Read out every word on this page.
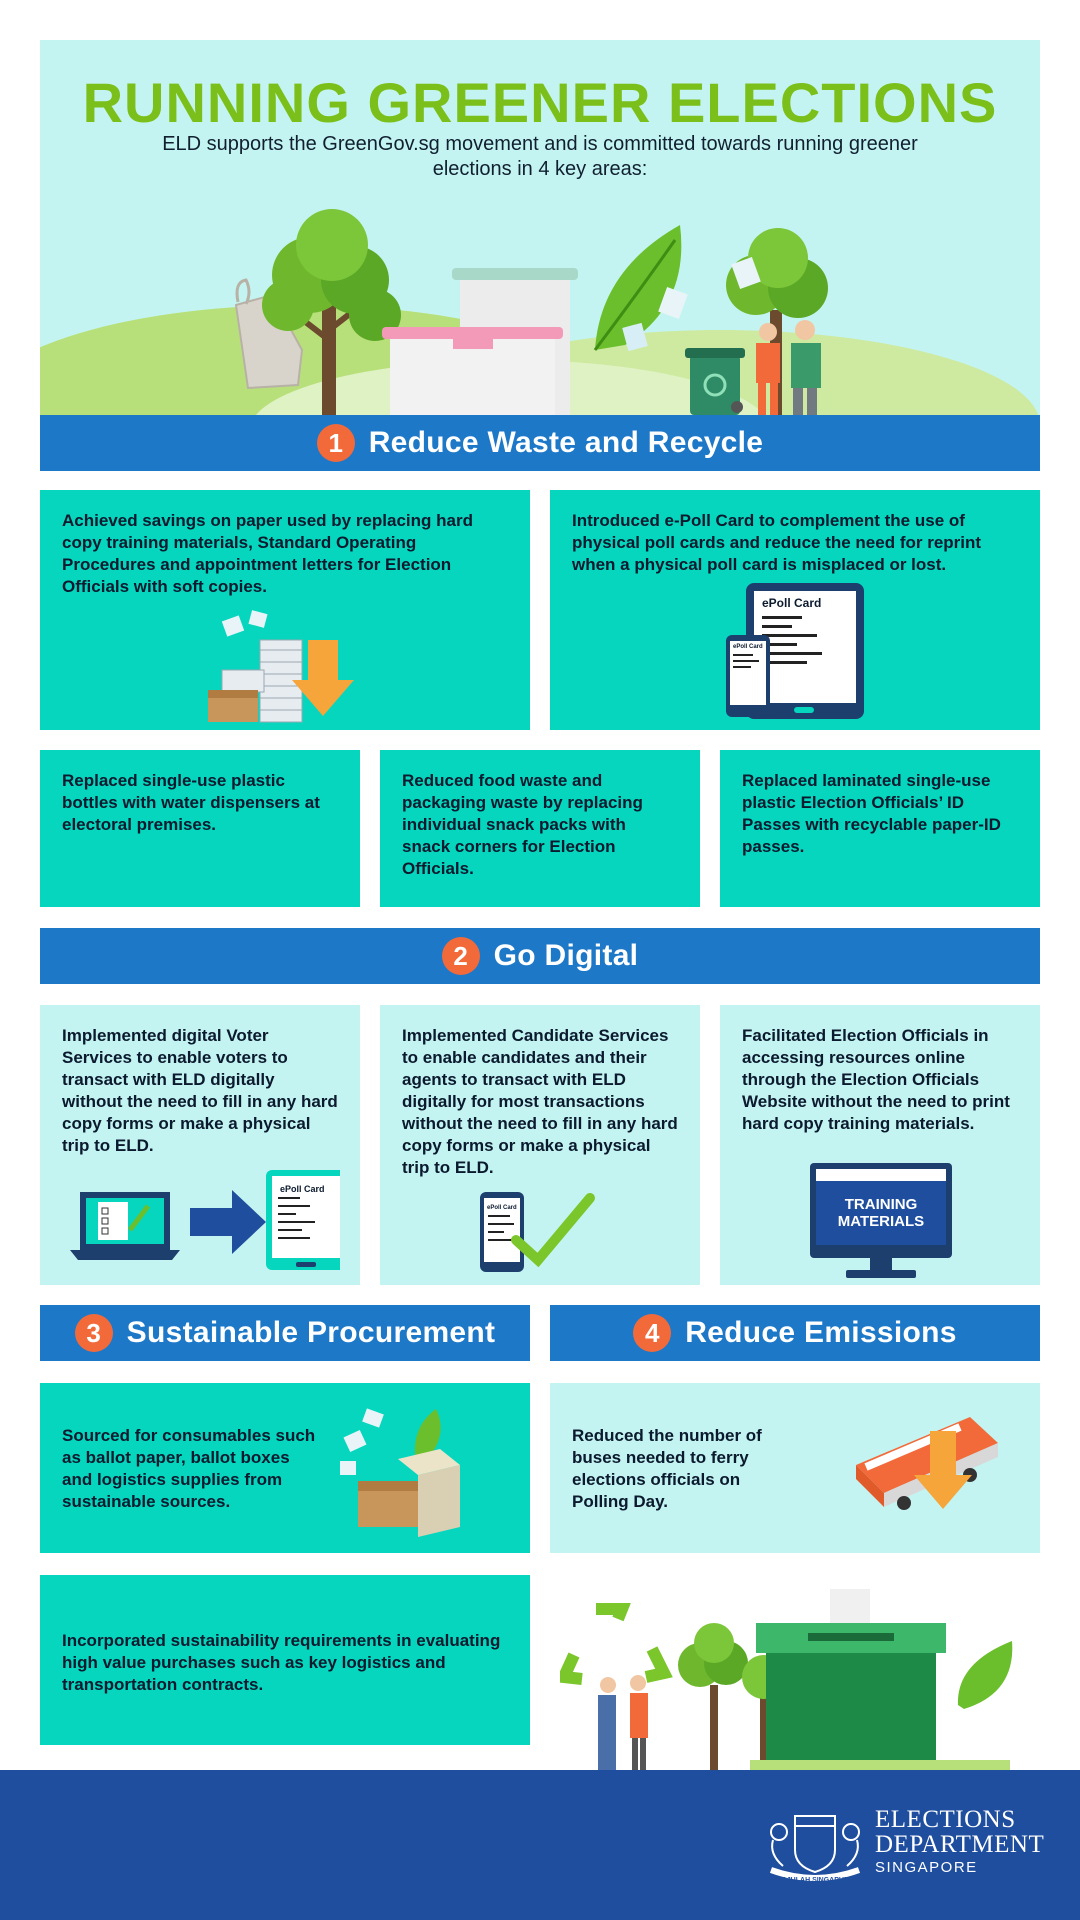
RUNNING GREENER ELECTIONS
ELD supports the GreenGov.sg movement and is committed towards running greener elections in 4 key areas:
1 Reduce Waste and Recycle

Achieved savings on paper used by replacing hard copy training materials, Standard Operating Procedures and appointment letters for Election Officials with soft copies.

Introduced e-Poll Card to complement the use of physical poll cards and reduce the need for reprint when a physical poll card is misplaced or lost.

ePoll Card
ePoll Card

Replaced single-use plastic bottles with water dispensers at electoral premises.

Reduced food waste and packaging waste by replacing individual snack packs with snack corners for Election Officials.

Replaced laminated single-use plastic Election Officials’ ID Passes with recyclable paper-ID passes.

2 Go Digital

Implemented digital Voter Services to enable voters to transact with ELD digitally without the need to fill in any hard copy forms or make a physical trip to ELD.

ePoll Card

Implemented Candidate Services to enable candidates and their agents to transact with ELD digitally for most transactions without the need to fill in any hard copy forms or make a physical trip to ELD.

ePoll Card

Facilitated Election Officials in accessing resources online through the Election Officials Website without the need to print hard copy training materials.

TRAINING MATERIALS
3 Sustainable Procurement	4 Reduce Emissions

Sourced for consumables such as ballot paper, ballot boxes and logistics supplies from sustainable sources.

Reduced the number of buses needed to ferry elections officials on Polling Day.

Incorporated sustainability requirements in evaluating high value purchases such as key logistics and transportation contracts.

MAJULAH SINGAPURA
ELECTIONS
DEPARTMENT
SINGAPORE
